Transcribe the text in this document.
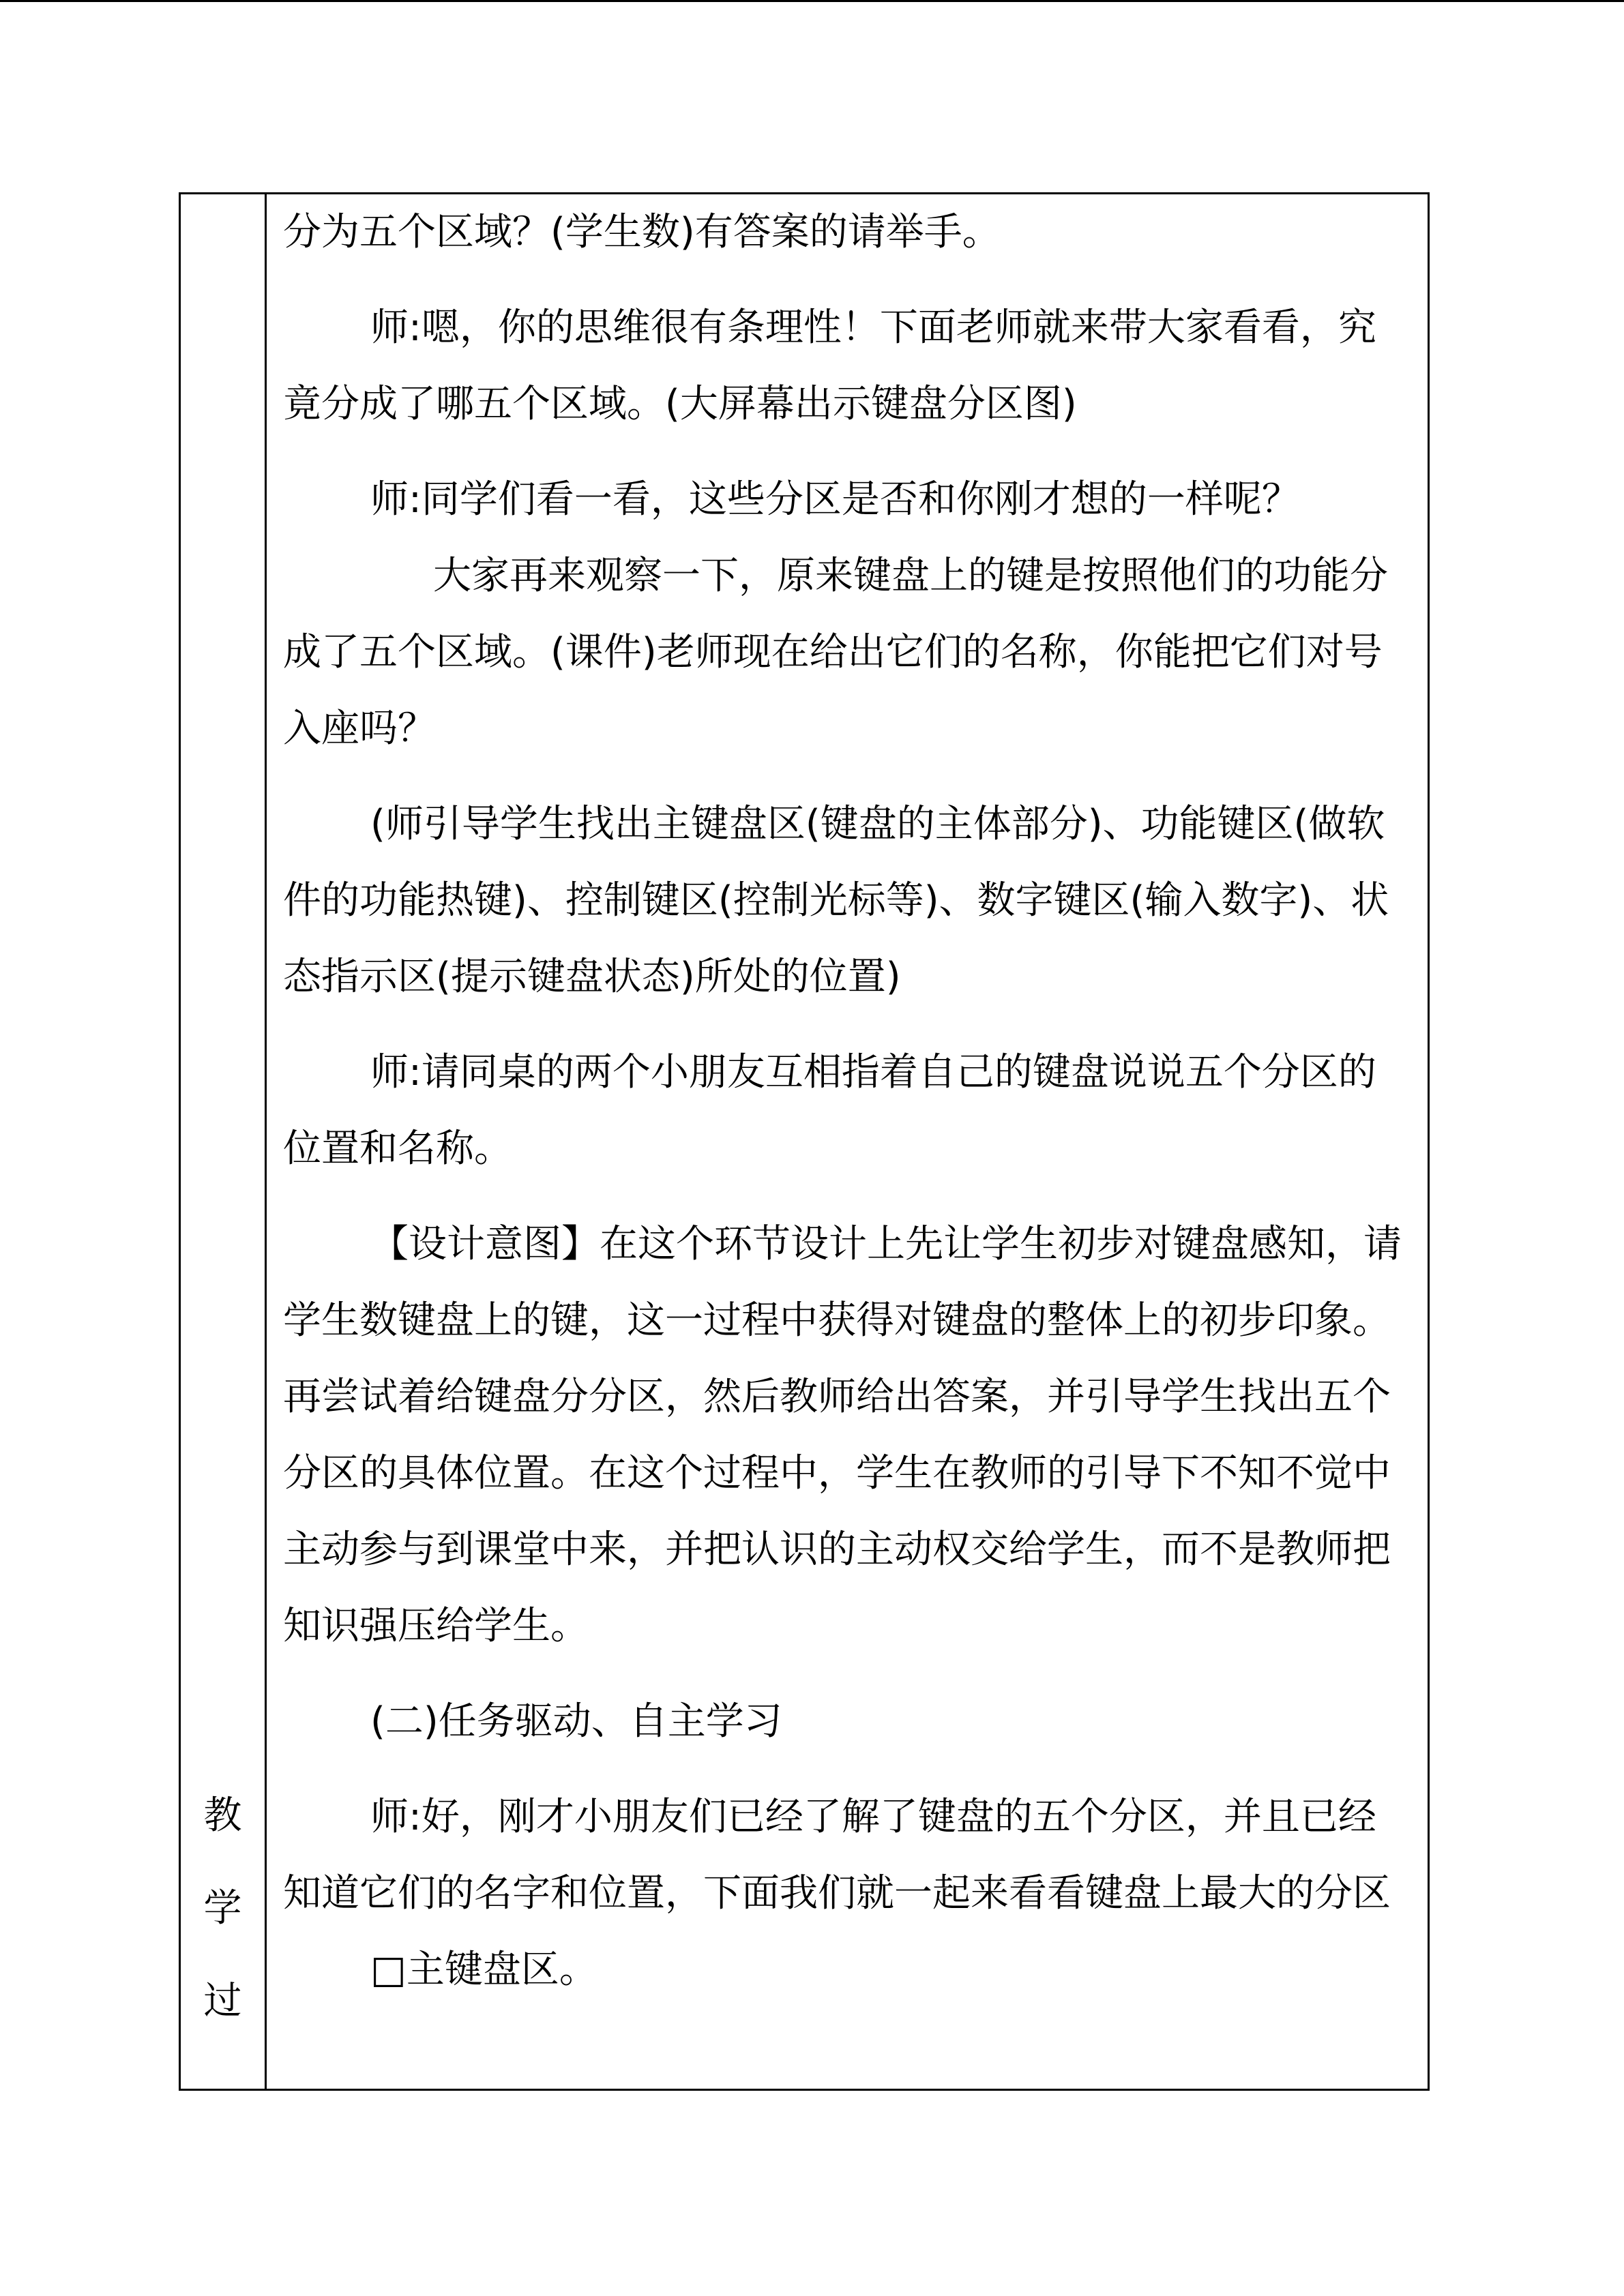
教
学
过

分为五个区域？(学生数)有答案的请举手。

师:嗯，你的思维很有条理性！下面老师就来带大家看看，究竟分成了哪五个区域。(大屏幕出示键盘分区图)

师:同学们看一看，这些分区是否和你刚才想的一样呢？大家再来观察一下，原来键盘上的键是按照他们的功能分成了五个区域。(课件)老师现在给出它们的名称，你能把它们对号入座吗？

(师引导学生找出主键盘区(键盘的主体部分)、功能键区(做软件的功能热键)、控制键区(控制光标等)、数字键区(输入数字)、状态指示区(提示键盘状态)所处的位置)

师:请同桌的两个小朋友互相指着自己的键盘说说五个分区的位置和名称。

【设计意图】在这个环节设计上先让学生初步对键盘感知，请学生数键盘上的键，这一过程中获得对键盘的整体上的初步印象。再尝试着给键盘分分区，然后教师给出答案，并引导学生找出五个分区的具体位置。在这个过程中，学生在教师的引导下不知不觉中主动参与到课堂中来，并把认识的主动权交给学生，而不是教师把知识强压给学生。

(二)任务驱动、自主学习

师:好，刚才小朋友们已经了解了键盘的五个分区，并且已经知道它们的名字和位置，下面我们就一起来看看键盘上最大的分区□主键盘区。
